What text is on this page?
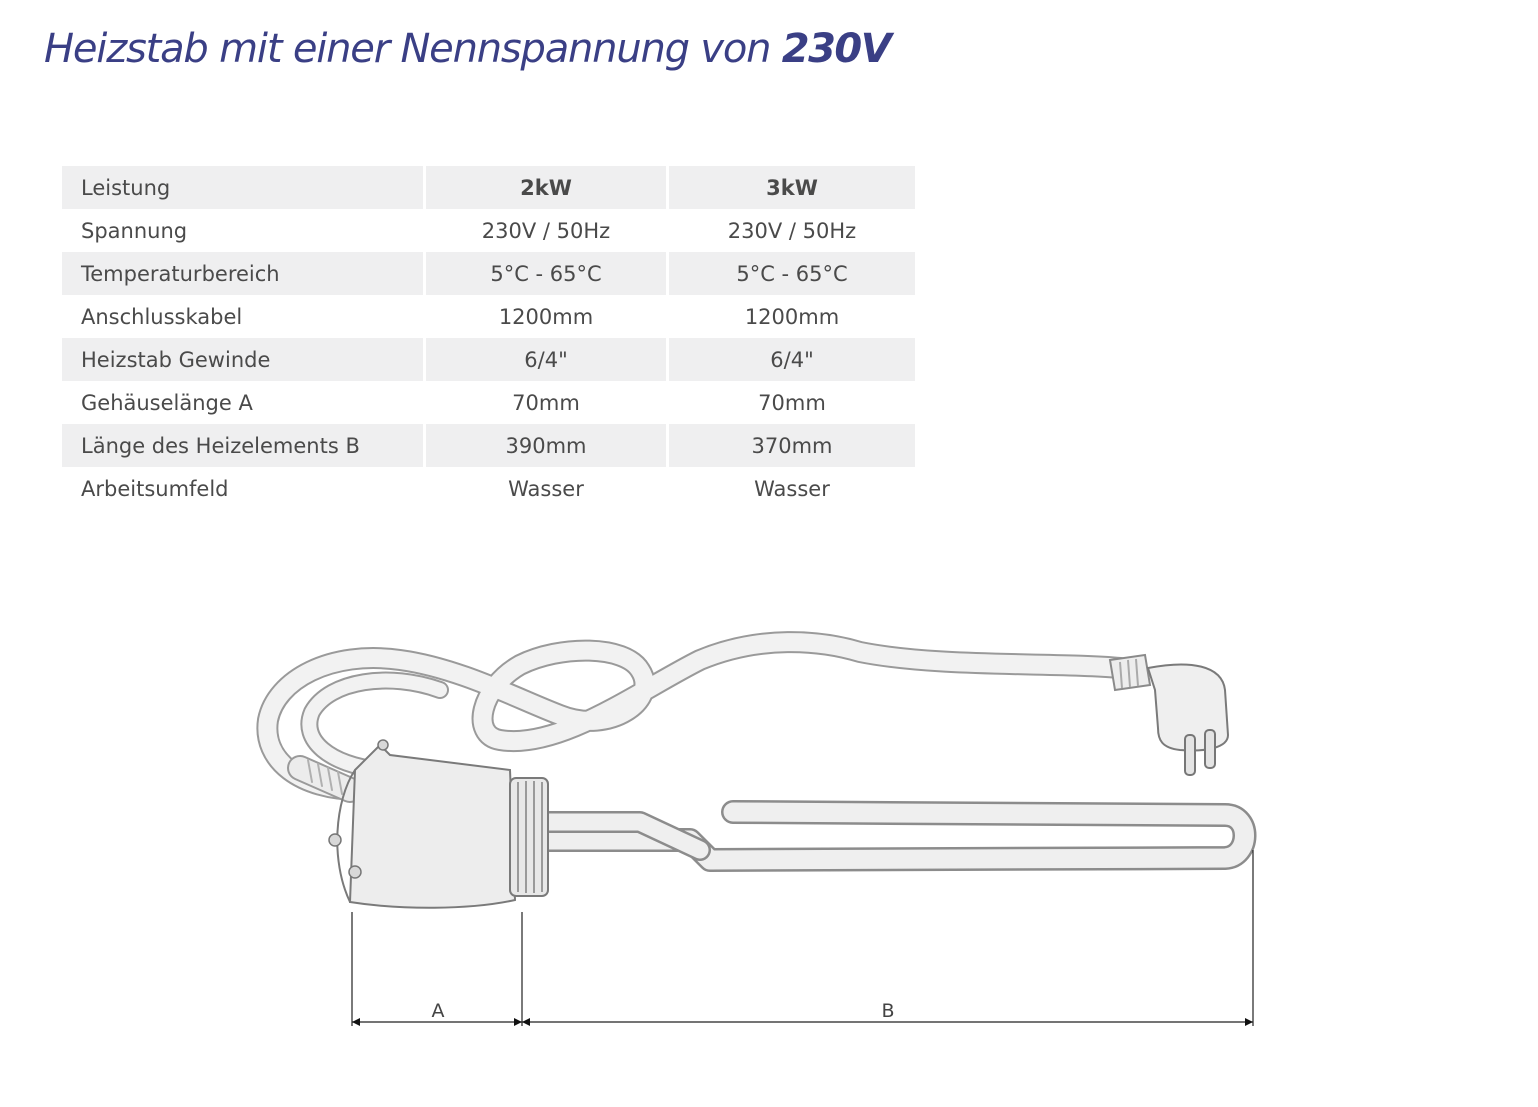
Heizstab mit einer Nennspannung von 230V
Leistung	2kW	3kW
Spannung	230V / 50Hz	230V / 50Hz
Temperaturbereich	5°C - 65°C	5°C - 65°C
Anschlusskabel	1200mm	1200mm
Heizstab Gewinde	6/4"	6/4"
Gehäuselänge A	70mm	70mm
Länge des Heizelements B	390mm	370mm
Arbeitsumfeld	Wasser	Wasser
A	B
